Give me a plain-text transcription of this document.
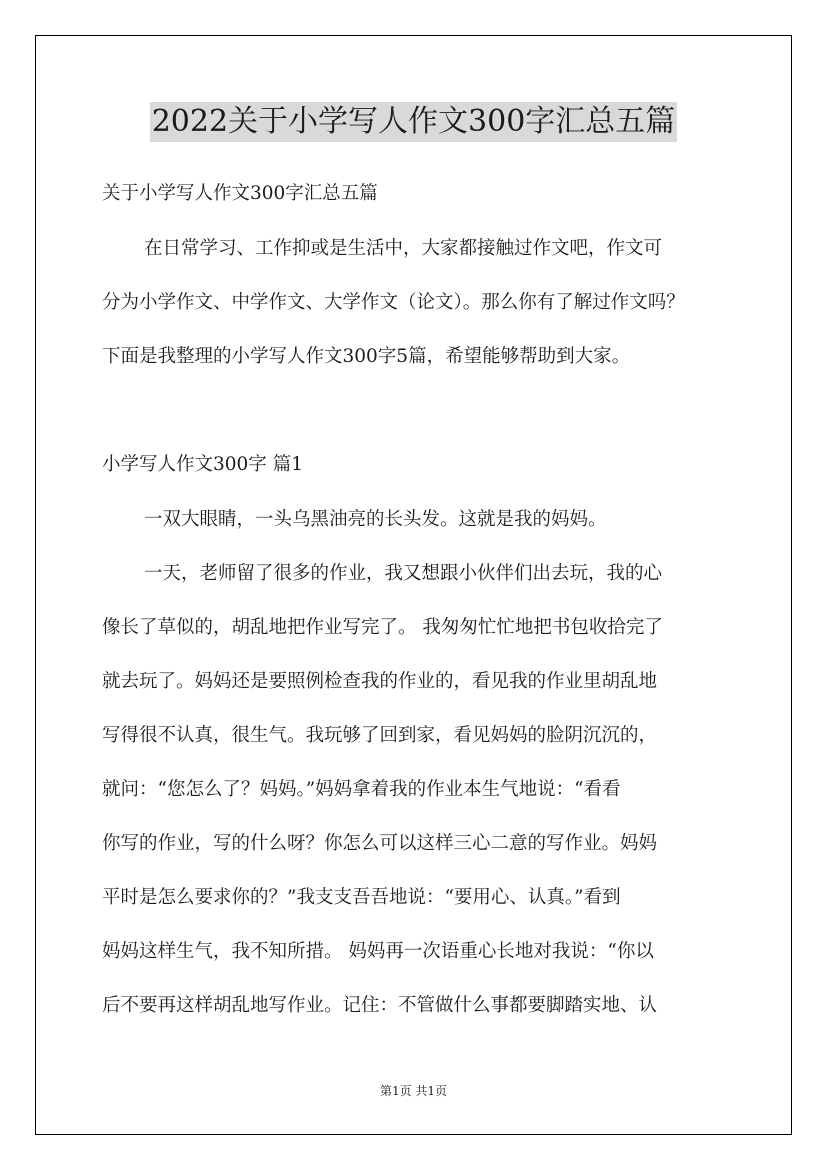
2022关于小学写人作文300字汇总五篇
关于小学写人作文300字汇总五篇
在日常学习、工作抑或是生活中，大家都接触过作文吧，作文可
分为小学作文、中学作文、大学作文（论文）。那么你有了解过作文吗？
下面是我整理的小学写人作文300字5篇，希望能够帮助到大家。
小学写人作文300字 篇1
一双大眼睛，一头乌黑油亮的长头发。这就是我的妈妈。
一天，老师留了很多的作业，我又想跟小伙伴们出去玩，我的心
像长了草似的，胡乱地把作业写完了。 我匆匆忙忙地把书包收拾完了
就去玩了。妈妈还是要照例检查我的作业的，看见我的作业里胡乱地
写得很不认真，很生气。我玩够了回到家，看见妈妈的脸阴沉沉的，
就问：“您怎么了？妈妈。”妈妈拿着我的作业本生气地说：“看看
你写的作业，写的什么呀？你怎么可以这样三心二意的写作业。妈妈
平时是怎么要求你的？”我支支吾吾地说：“要用心、认真。”看到
妈妈这样生气，我不知所措。 妈妈再一次语重心长地对我说：“你以
后不要再这样胡乱地写作业。记住：不管做什么事都要脚踏实地、认
第1页 共1页
